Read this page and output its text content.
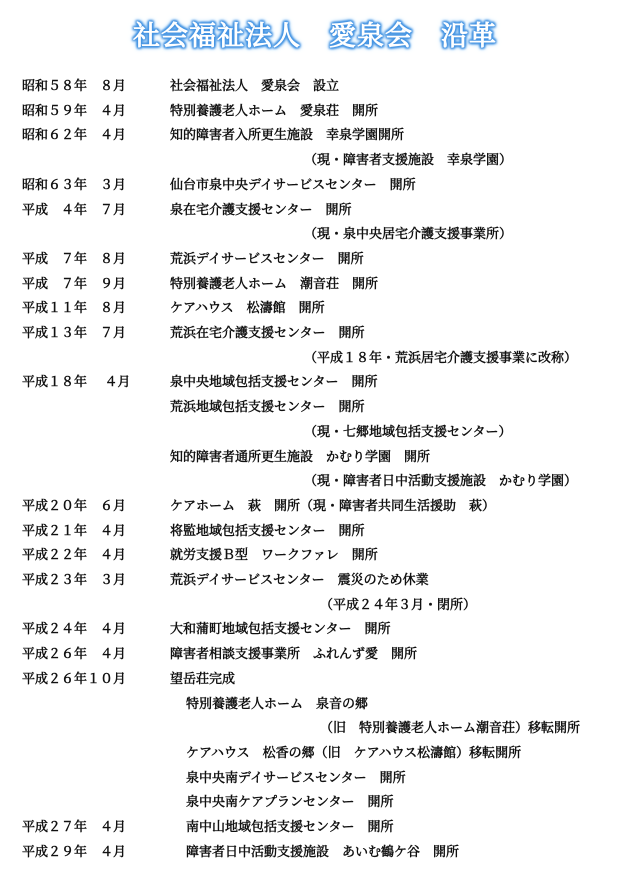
社会福祉法人　愛泉会　沿革
昭和５８年　８月	社会福祉法人　愛泉会　設立
昭和５９年　４月	特別養護老人ホーム　愛泉荘　開所
昭和６２年　４月	知的障害者入所更生施設　幸泉学園開所
（現・障害者支援施設　幸泉学園）
昭和６３年　３月	仙台市泉中央デイサービスセンター　開所
平成　４年　７月	泉在宅介護支援センター　開所
（現・泉中央居宅介護支援事業所）
平成　７年　８月	荒浜デイサービスセンター　開所
平成　７年　９月	特別養護老人ホーム　潮音荘　開所
平成１１年　８月	ケアハウス　松濤館　開所
平成１３年　７月	荒浜在宅介護支援センター　開所
（平成１８年・荒浜居宅介護支援事業に改称）
平成１８年　 ４月	泉中央地域包括支援センター　開所
荒浜地域包括支援センター　開所
（現・七郷地域包括支援センター）
知的障害者通所更生施設　かむり学園　開所
（現・障害者日中活動支援施設　かむり学園）
平成２０年　６月	ケアホーム　萩　開所（現・障害者共同生活援助　萩）
平成２１年　４月	将監地域包括支援センター　開所
平成２２年　４月	就労支援Ｂ型　ワークファレ　開所
平成２３年　３月	荒浜デイサービスセンター　震災のため休業
（平成２４年３月・閉所）
平成２４年　４月	大和蒲町地域包括支援センター　開所
平成２６年　４月	障害者相談支援事業所　ふれんず愛　開所
平成２６年１０月	望岳荘完成
特別養護老人ホーム　泉音の郷
（旧　特別養護老人ホーム潮音荘）移転開所
ケアハウス　松香の郷（旧　ケアハウス松濤館）移転開所
泉中央南デイサービスセンター　開所
泉中央南ケアプランセンター　開所
平成２７年　４月	南中山地域包括支援センター　開所
平成２９年　４月	障害者日中活動支援施設　あいむ鶴ケ谷　開所
